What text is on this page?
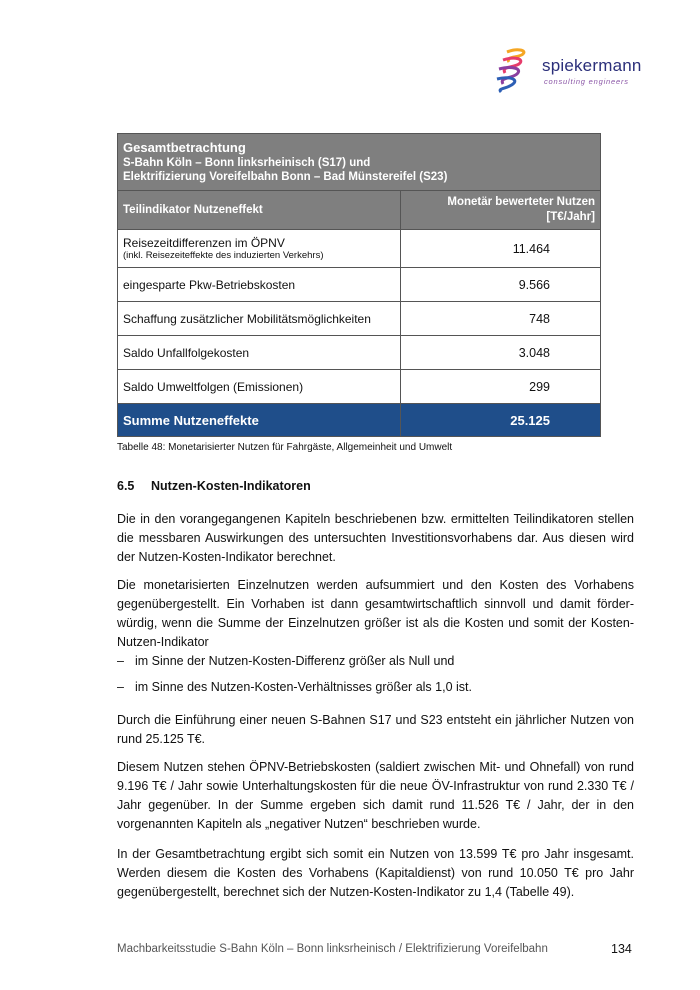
spiekermann
consulting engineers
Gesamtbetrachtung
S-Bahn Köln – Bonn linksrheinisch (S17) und
Elektrifizierung Voreifelbahn Bonn – Bad Münstereifel (S23)	

Teilindikator Nutzeneffekt	Monetär bewerteter Nutzen
[T€/Jahr]
Reisezeitdifferenzen im ÖPNV
(inkl. Reisezeiteffekte des induzierten Verkehrs)	11.464
eingesparte Pkw-Betriebskosten	9.566
Schaffung zusätzlicher Mobilitätsmöglichkeiten	748
Saldo Unfallfolgekosten	3.048
Saldo Umweltfolgen (Emissionen)	299
Summe Nutzeneffekte	25.125
Tabelle 48: Monetarisierter Nutzen für Fahrgäste, Allgemeinheit und Umwelt
6.5 Nutzen-Kosten-Indikatoren
Die in den vorangegangenen Kapiteln beschriebenen bzw. ermittelten Teilindikatoren stellen die messbaren Auswirkungen des untersuchten Investitionsvorhabens dar. Aus diesen wird der Nutzen-Kosten-Indikator berechnet.
Die monetarisierten Einzelnutzen werden aufsummiert und den Kosten des Vorhabens gegenübergestellt. Ein Vorhaben ist dann gesamtwirtschaftlich sinnvoll und damit förderwürdig, wenn die Summe der Einzelnutzen größer ist als die Kosten und somit der Kosten-Nutzen-Indikator
– im Sinne der Nutzen-Kosten-Differenz größer als Null und
– im Sinne des Nutzen-Kosten-Verhältnisses größer als 1,0 ist.
Durch die Einführung einer neuen S-Bahnen S17 und S23 entsteht ein jährlicher Nutzen von rund 25.125 T€.
Diesem Nutzen stehen ÖPNV-Betriebskosten (saldiert zwischen Mit- und Ohnefall) von rund 9.196 T€ / Jahr sowie Unterhaltungskosten für die neue ÖV-Infrastruktur von rund 2.330 T€ / Jahr gegenüber. In der Summe ergeben sich damit rund 11.526 T€ / Jahr, der in den vorgenannten Kapiteln als „negativer Nutzen“ beschrieben wurde.
In der Gesamtbetrachtung ergibt sich somit ein Nutzen von 13.599 T€ pro Jahr insgesamt. Werden diesem die Kosten des Vorhabens (Kapitaldienst) von rund 10.050 T€ pro Jahr gegenübergestellt, berechnet sich der Nutzen-Kosten-Indikator zu 1,4 (Tabelle 49).
Machbarkeitsstudie S-Bahn Köln – Bonn linksrheinisch / Elektrifizierung Voreifelbahn	134
